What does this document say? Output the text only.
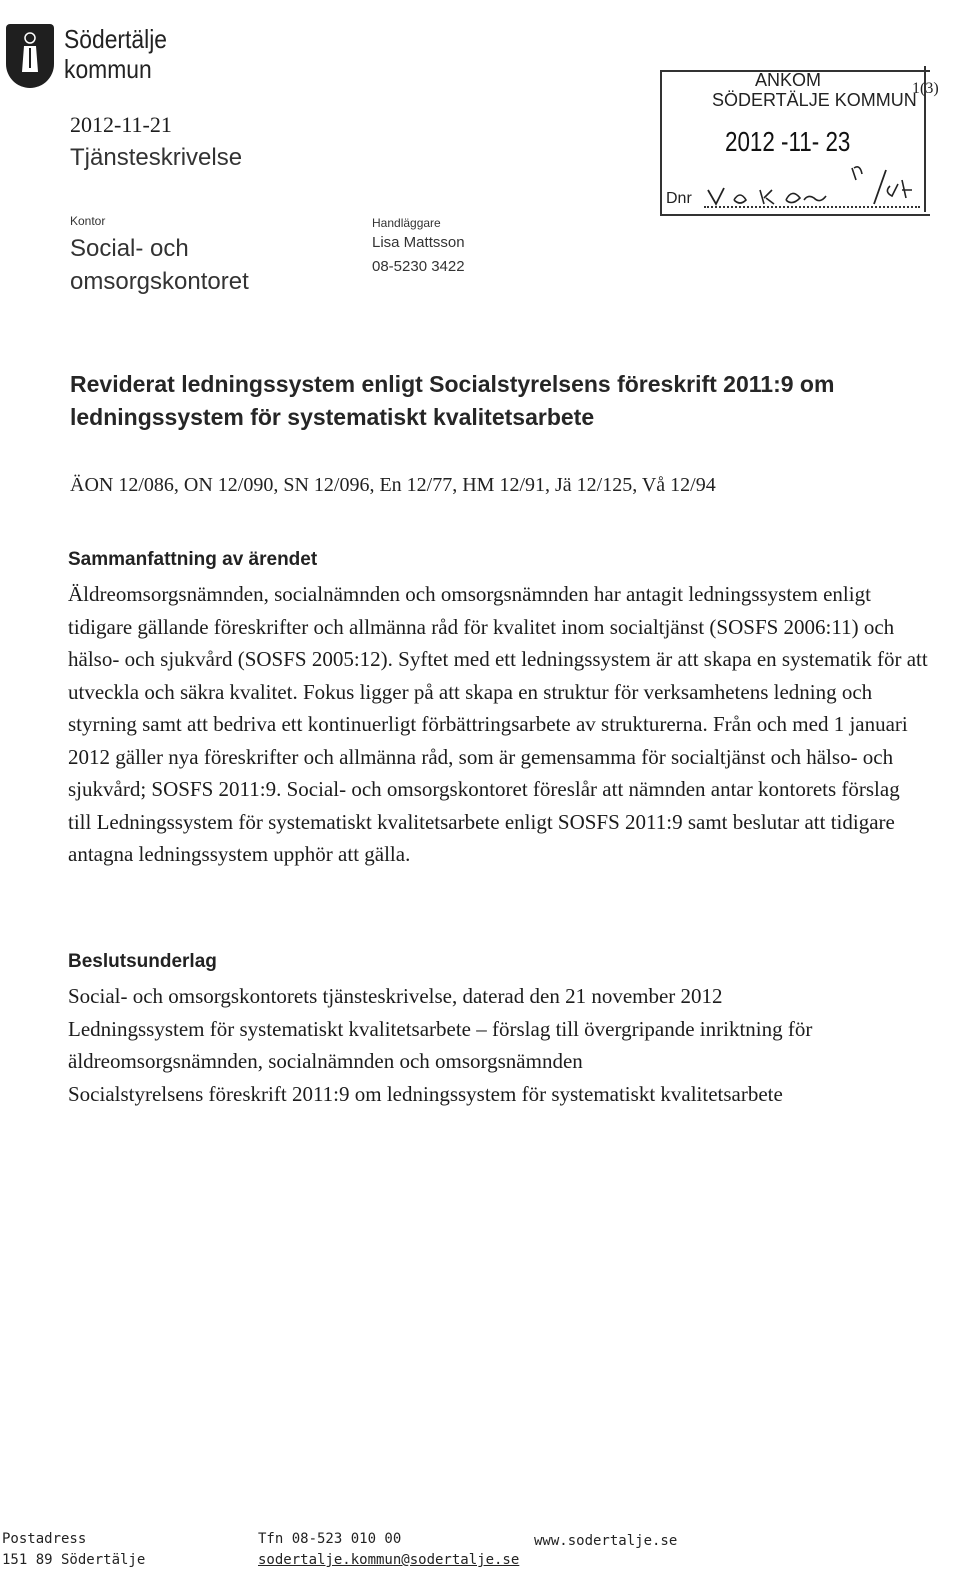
Södertälje
kommun
2012-11-21
Tjänsteskrivelse
Kontor
Social- och omsorgskontoret
Handläggare
Lisa Mattsson
08-5230 3422
ANKOM
SÖDERTÄLJE KOMMUN
2012 -11- 23
Dnr
1(3)
Reviderat ledningssystem enligt Socialstyrelsens föreskrift 2011:9 om ledningssystem för systematiskt kvalitetsarbete
ÄON 12/086, ON 12/090, SN 12/096, En 12/77, HM 12/91, Jä 12/125, Vå 12/94
Sammanfattning av ärendet

Äldreomsorgsnämnden, socialnämnden och omsorgsnämnden har antagit ledningssystem enligt tidigare gällande föreskrifter och allmänna råd för kvalitet inom socialtjänst (SOSFS 2006:11) och hälso- och sjukvård (SOSFS 2005:12). Syftet med ett ledningssystem är att skapa en systematik för att utveckla och säkra kvalitet. Fokus ligger på att skapa en struktur för verksamhetens ledning och styrning samt att bedriva ett kontinuerligt förbättringsarbete av strukturerna. Från och med 1 januari 2012 gäller nya föreskrifter och allmänna råd, som är gemensamma för socialtjänst och hälso- och sjukvård; SOSFS 2011:9. Social- och omsorgskontoret föreslår att nämnden antar kontorets förslag till Ledningssystem för systematiskt kvalitetsarbete enligt SOSFS 2011:9 samt beslutar att tidigare antagna ledningssystem upphör att gälla.

Beslutsunderlag
Social- och omsorgskontorets tjänsteskrivelse, daterad den 21 november 2012
Ledningssystem för systematiskt kvalitetsarbete – förslag till övergripande inriktning för
äldreomsorgsnämnden, socialnämnden och omsorgsnämnden
Socialstyrelsens föreskrift 2011:9 om ledningssystem för systematiskt kvalitetsarbete
Postadress
151 89 Södertälje
Tfn 08-523 010 00
sodertalje.kommun@sodertalje.se
www.sodertalje.se
